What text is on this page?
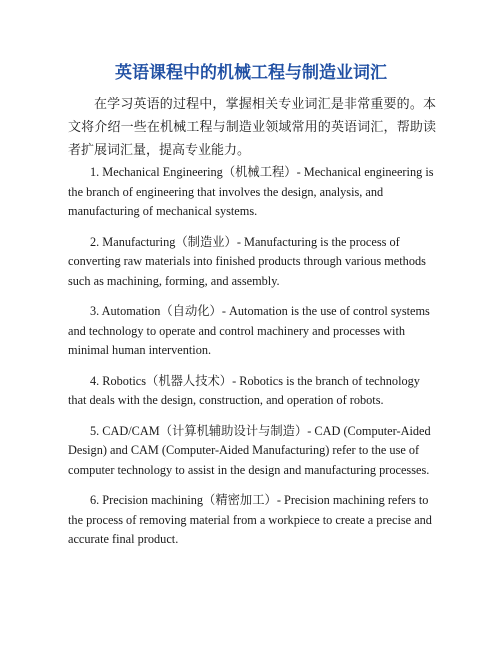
英语课程中的机械工程与制造业词汇

在学习英语的过程中，掌握相关专业词汇是非常重要的。本文将介绍一些在机械工程与制造业领域常用的英语词汇，帮助读者扩展词汇量，提高专业能力。

1. Mechanical Engineering（机械工程）- Mechanical engineering is the branch of engineering that involves the design, analysis, and manufacturing of mechanical systems.
2. Manufacturing（制造业）- Manufacturing is the process of converting raw materials into finished products through various methods such as machining, forming, and assembly.
3. Automation（自动化）- Automation is the use of control systems and technology to operate and control machinery and processes with minimal human intervention.
4. Robotics（机器人技术）- Robotics is the branch of technology that deals with the design, construction, and operation of robots.
5. CAD/CAM（计算机辅助设计与制造）- CAD (Computer-Aided Design) and CAM (Computer-Aided Manufacturing) refer to the use of computer technology to assist in the design and manufacturing processes.
6. Precision machining（精密加工）- Precision machining refers to the process of removing material from a workpiece to create a precise and accurate final product.
